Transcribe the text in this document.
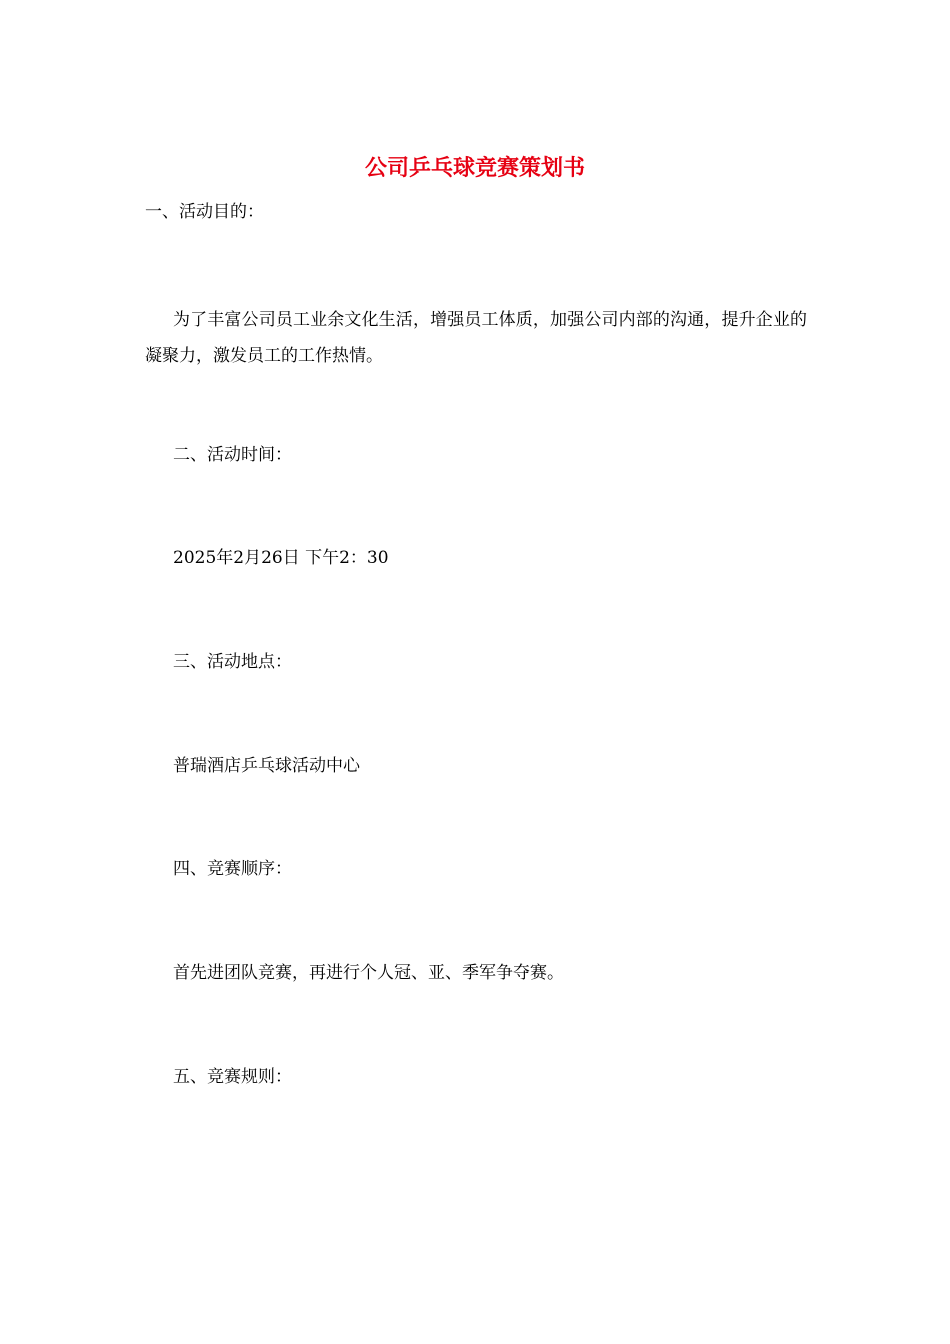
公司乒乓球竞赛策划书

一、活动目的：

为了丰富公司员工业余文化生活，增强员工体质，加强公司内部的沟通，提升企业的凝聚力，激发员工的工作热情。

二、活动时间：

2025年2月26日 下午2：30

三、活动地点：

普瑞酒店乒乓球活动中心

四、竞赛顺序：

首先进团队竞赛，再进行个人冠、亚、季军争夺赛。

五、竞赛规则：
